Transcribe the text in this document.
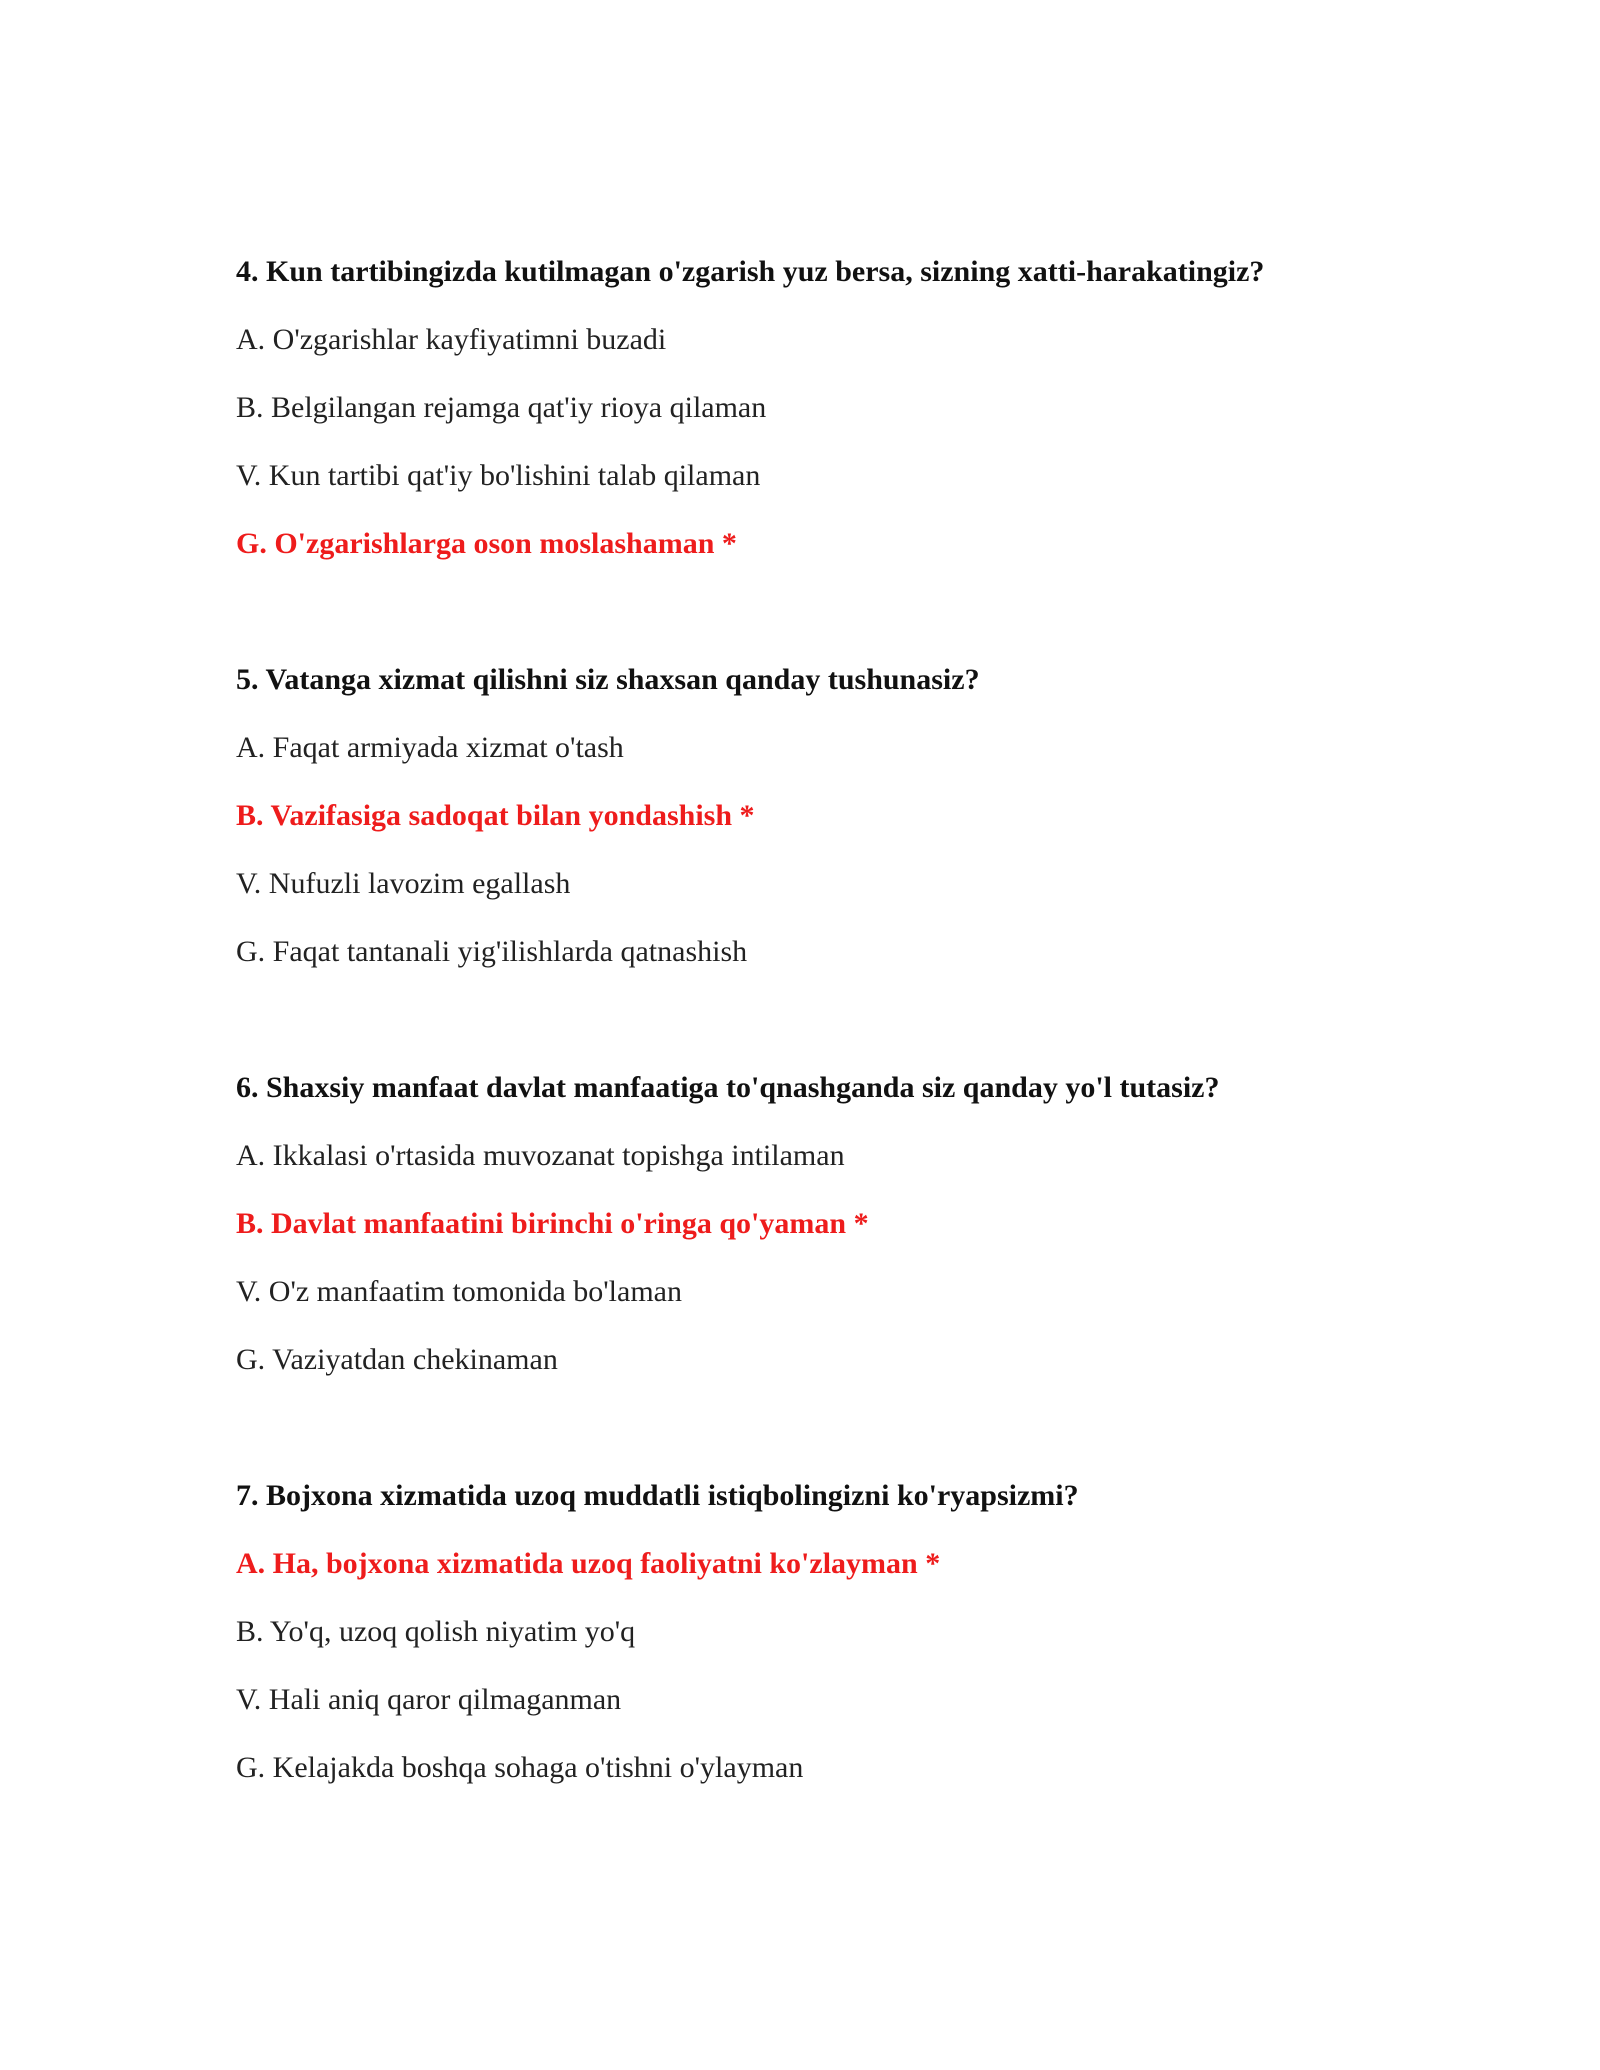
4. Kun tartibingizda kutilmagan o'zgarish yuz bersa, sizning xatti-harakatingiz?

A. O'zgarishlar kayfiyatimni buzadi

B. Belgilangan rejamga qat'iy rioya qilaman

V. Kun tartibi qat'iy bo'lishini talab qilaman

G. O'zgarishlarga oson moslashaman *

5. Vatanga xizmat qilishni siz shaxsan qanday tushunasiz?

A. Faqat armiyada xizmat o'tash

B. Vazifasiga sadoqat bilan yondashish *

V. Nufuzli lavozim egallash

G. Faqat tantanali yig'ilishlarda qatnashish

6. Shaxsiy manfaat davlat manfaatiga to'qnashganda siz qanday yo'l tutasiz?

A. Ikkalasi o'rtasida muvozanat topishga intilaman

B. Davlat manfaatini birinchi o'ringa qo'yaman *

V. O'z manfaatim tomonida bo'laman

G. Vaziyatdan chekinaman

7. Bojxona xizmatida uzoq muddatli istiqbolingizni ko'ryapsizmi?

A. Ha, bojxona xizmatida uzoq faoliyatni ko'zlayman *

B. Yo'q, uzoq qolish niyatim yo'q

V. Hali aniq qaror qilmaganman

G. Kelajakda boshqa sohaga o'tishni o'ylayman
